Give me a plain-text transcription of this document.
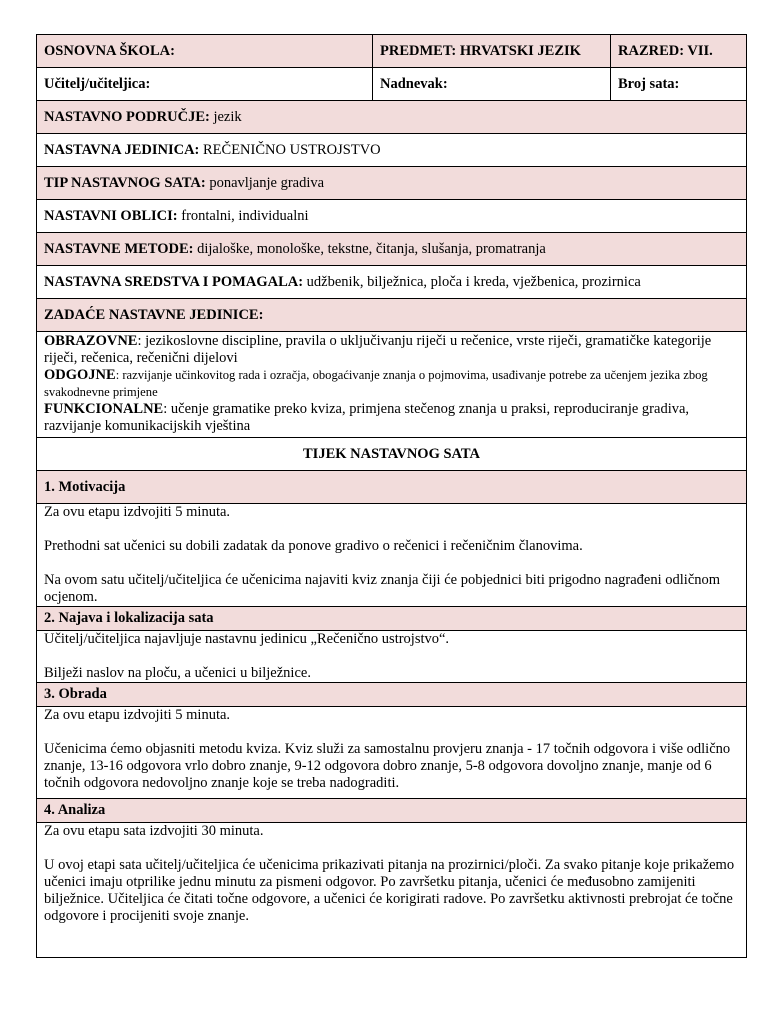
OSNOVNA ŠKOLA:	PREDMET: HRVATSKI JEZIK	RAZRED: VII.
Učitelj/učiteljica:	Nadnevak:	Broj sata:
NASTAVNO PODRUČJE: jezik		
NASTAVNA JEDINICA: REČENIČNO USTROJSTVO		
TIP NASTAVNOG SATA: ponavljanje gradiva		
NASTAVNI OBLICI: frontalni, individualni		
NASTAVNE METODE: dijaloške, monološke, tekstne, čitanja, slušanja, promatranja		
NASTAVNA SREDSTVA I POMAGALA: udžbenik, bilježnica, ploča i kreda, vježbenica, prozirnica		
ZADAĆE NASTAVNE JEDINICE:		

OBRAZOVNE: jezikoslovne discipline, pravila o uključivanju riječi u rečenice, vrste riječi, gramatičke kategorije riječi, rečenica, rečenični dijelovi

ODGOJNE: razvijanje učinkovitog rada i ozračja, obogaćivanje znanja o pojmovima, usađivanje potrebe za učenjem jezika zbog svakodnevne primjene

FUNKCIONALNE: učenje gramatike preko kviza, primjena stečenog znanja u praksi, reproduciranje gradiva, razvijanje komunikacijskih vještina		

TIJEK NASTAVNOG SATA		
1. Motivacija		

Za ovu etapu izdvojiti 5 minuta.

Prethodni sat učenici su dobili zadatak da ponove gradivo o rečenici i rečeničnim članovima.

Na ovom satu učitelj/učiteljica će učenicima najaviti kviz znanja čiji će pobjednici biti prigodno nagrađeni odličnom ocjenom.		

2. Najava i lokalizacija sata		

Učitelj/učiteljica najavljuje nastavnu jedinicu „Rečenično ustrojstvo“.

Bilježi naslov na ploču, a učenici u bilježnice.		

3. Obrada		

Za ovu etapu izdvojiti 5 minuta.

Učenicima ćemo objasniti metodu kviza. Kviz služi za samostalnu provjeru znanja - 17 točnih odgovora i više odlično znanje, 13-16 odgovora vrlo dobro znanje, 9-12 odgovora dobro znanje, 5-8 odgovora dovoljno znanje, manje od 6 točnih odgovora nedovoljno znanje koje se treba nadograditi.		

4. Analiza		

Za ovu etapu sata izdvojiti 30 minuta.

U ovoj etapi sata učitelj/učiteljica će učenicima prikazivati pitanja na prozirnici/ploči. Za svako pitanje koje prikažemo učenici imaju otprilike jednu minutu za pismeni odgovor. Po završetku pitanja, učenici će međusobno zamijeniti bilježnice. Učiteljica će čitati točne odgovore, a učenici će korigirati radove. Po završetku aktivnosti prebrojat će točne odgovore i procijeniti svoje znanje.		
